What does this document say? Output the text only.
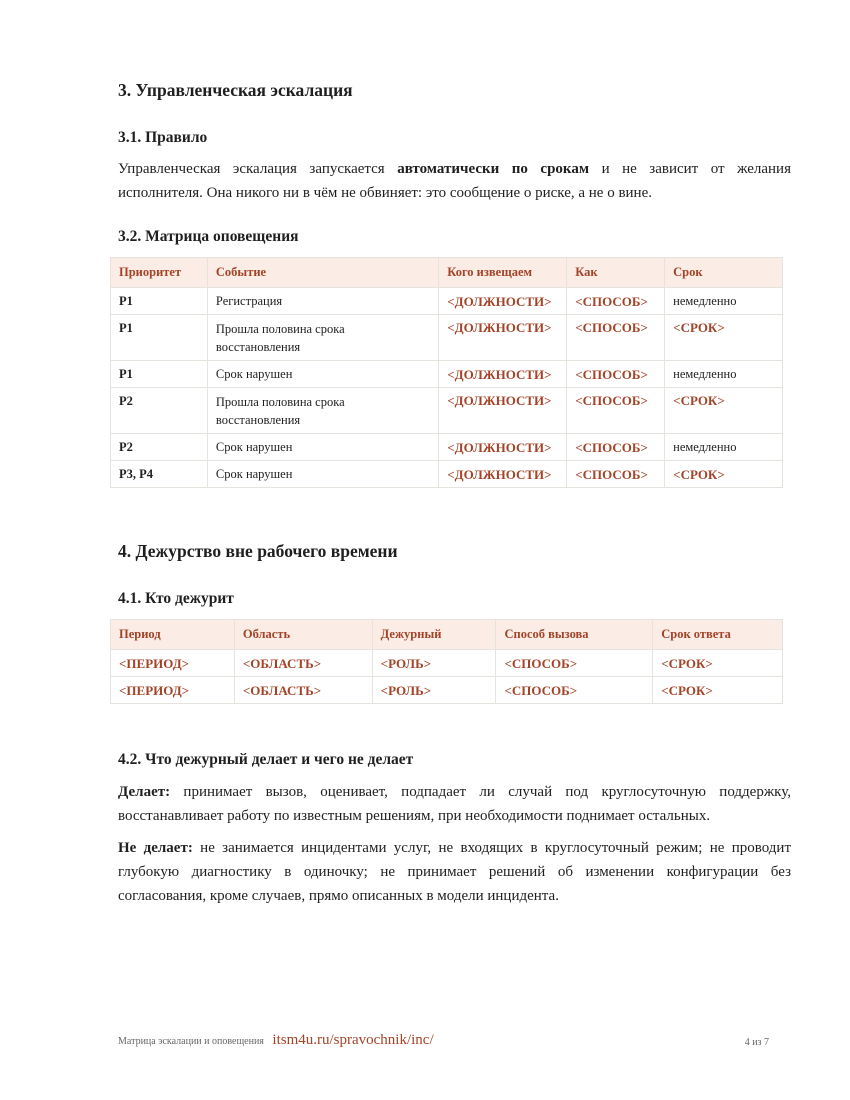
3. Управленческая эскалация
3.1. Правило

Управленческая эскалация запускается автоматически по срокам и не зависит от желания исполнителя. Она никого ни в чём не обвиняет: это сообщение о риске, а не о вине.

3.2. Матрица оповещения
Приоритет	Событие	Кого извещаем	Как	Срок
P1	Регистрация	<ДОЛЖНОСТИ>	<СПОСОБ>	немедленно
P1	Прошла половина срока восстановления	<ДОЛЖНОСТИ>	<СПОСОБ>	<СРОК>
P1	Срок нарушен	<ДОЛЖНОСТИ>	<СПОСОБ>	немедленно
P2	Прошла половина срока восстановления	<ДОЛЖНОСТИ>	<СПОСОБ>	<СРОК>
P2	Срок нарушен	<ДОЛЖНОСТИ>	<СПОСОБ>	немедленно
P3, P4	Срок нарушен	<ДОЛЖНОСТИ>	<СПОСОБ>	<СРОК>
4. Дежурство вне рабочего времени
4.1. Кто дежурит
Период	Область	Дежурный	Способ вызова	Срок ответа
<ПЕРИОД>	<ОБЛАСТЬ>	<РОЛЬ>	<СПОСОБ>	<СРОК>
<ПЕРИОД>	<ОБЛАСТЬ>	<РОЛЬ>	<СПОСОБ>	<СРОК>
4.2. Что дежурный делает и чего не делает

Делает: принимает вызов, оценивает, подпадает ли случай под круглосуточную поддержку, восстанавливает работу по известным решениям, при необходимости поднимает остальных.

Не делает: не занимается инцидентами услуг, не входящих в круглосуточный режим; не проводит глубокую диагностику в одиночку; не принимает решений об изменении конфигурации без согласования, кроме случаев, прямо описанных в модели инцидента.

Матрица эскалации и оповещения itsm4u.ru/spravochnik/inc/	4 из 7
